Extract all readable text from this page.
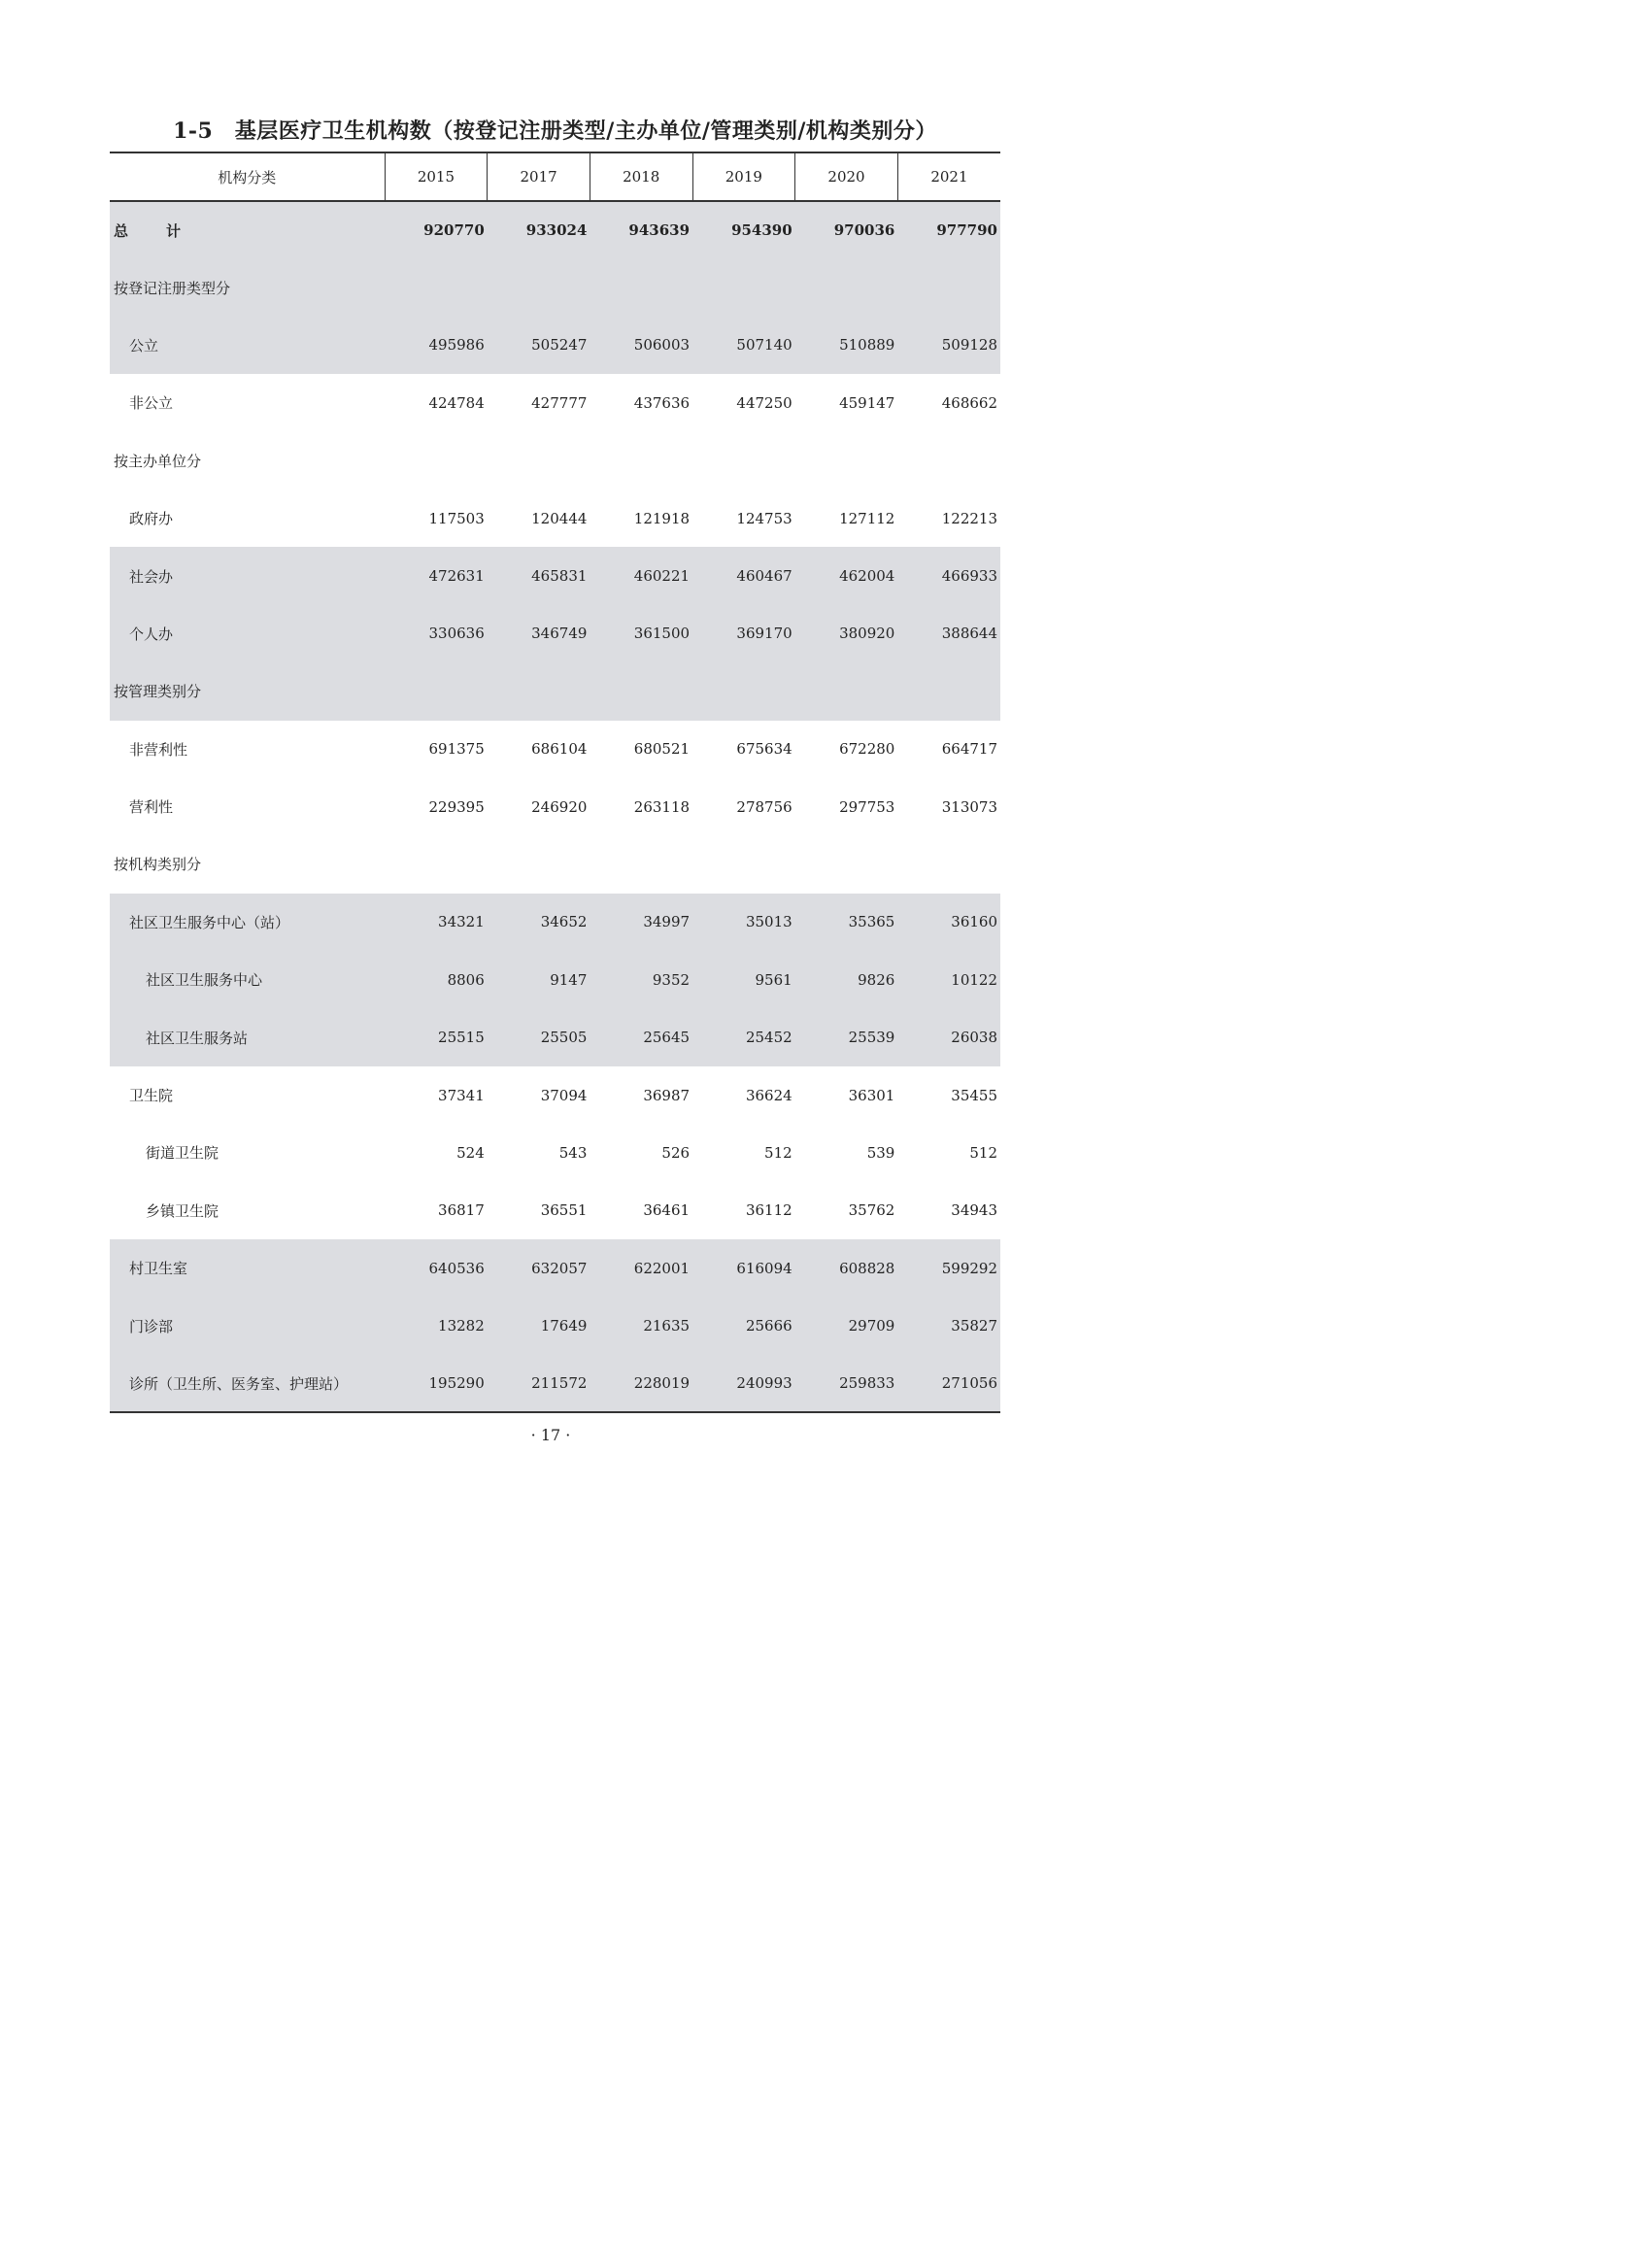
1-5　基层医疗卫生机构数（按登记注册类型/主办单位/管理类别/机构类别分）
机构分类	2015	2017	2018	2019	2020	2021
总　计	920770	933024	943639	954390	970036	977790
按登记注册类型分						
公立	495986	505247	506003	507140	510889	509128
非公立	424784	427777	437636	447250	459147	468662
按主办单位分						
政府办	117503	120444	121918	124753	127112	122213
社会办	472631	465831	460221	460467	462004	466933
个人办	330636	346749	361500	369170	380920	388644
按管理类别分						
非营利性	691375	686104	680521	675634	672280	664717
营利性	229395	246920	263118	278756	297753	313073
按机构类别分						
社区卫生服务中心（站）	34321	34652	34997	35013	35365	36160
社区卫生服务中心	8806	9147	9352	9561	9826	10122
社区卫生服务站	25515	25505	25645	25452	25539	26038
卫生院	37341	37094	36987	36624	36301	35455
街道卫生院	524	543	526	512	539	512
乡镇卫生院	36817	36551	36461	36112	35762	34943
村卫生室	640536	632057	622001	616094	608828	599292
门诊部	13282	17649	21635	25666	29709	35827
诊所（卫生所、医务室、护理站）	195290	211572	228019	240993	259833	271056
· 17 ·
